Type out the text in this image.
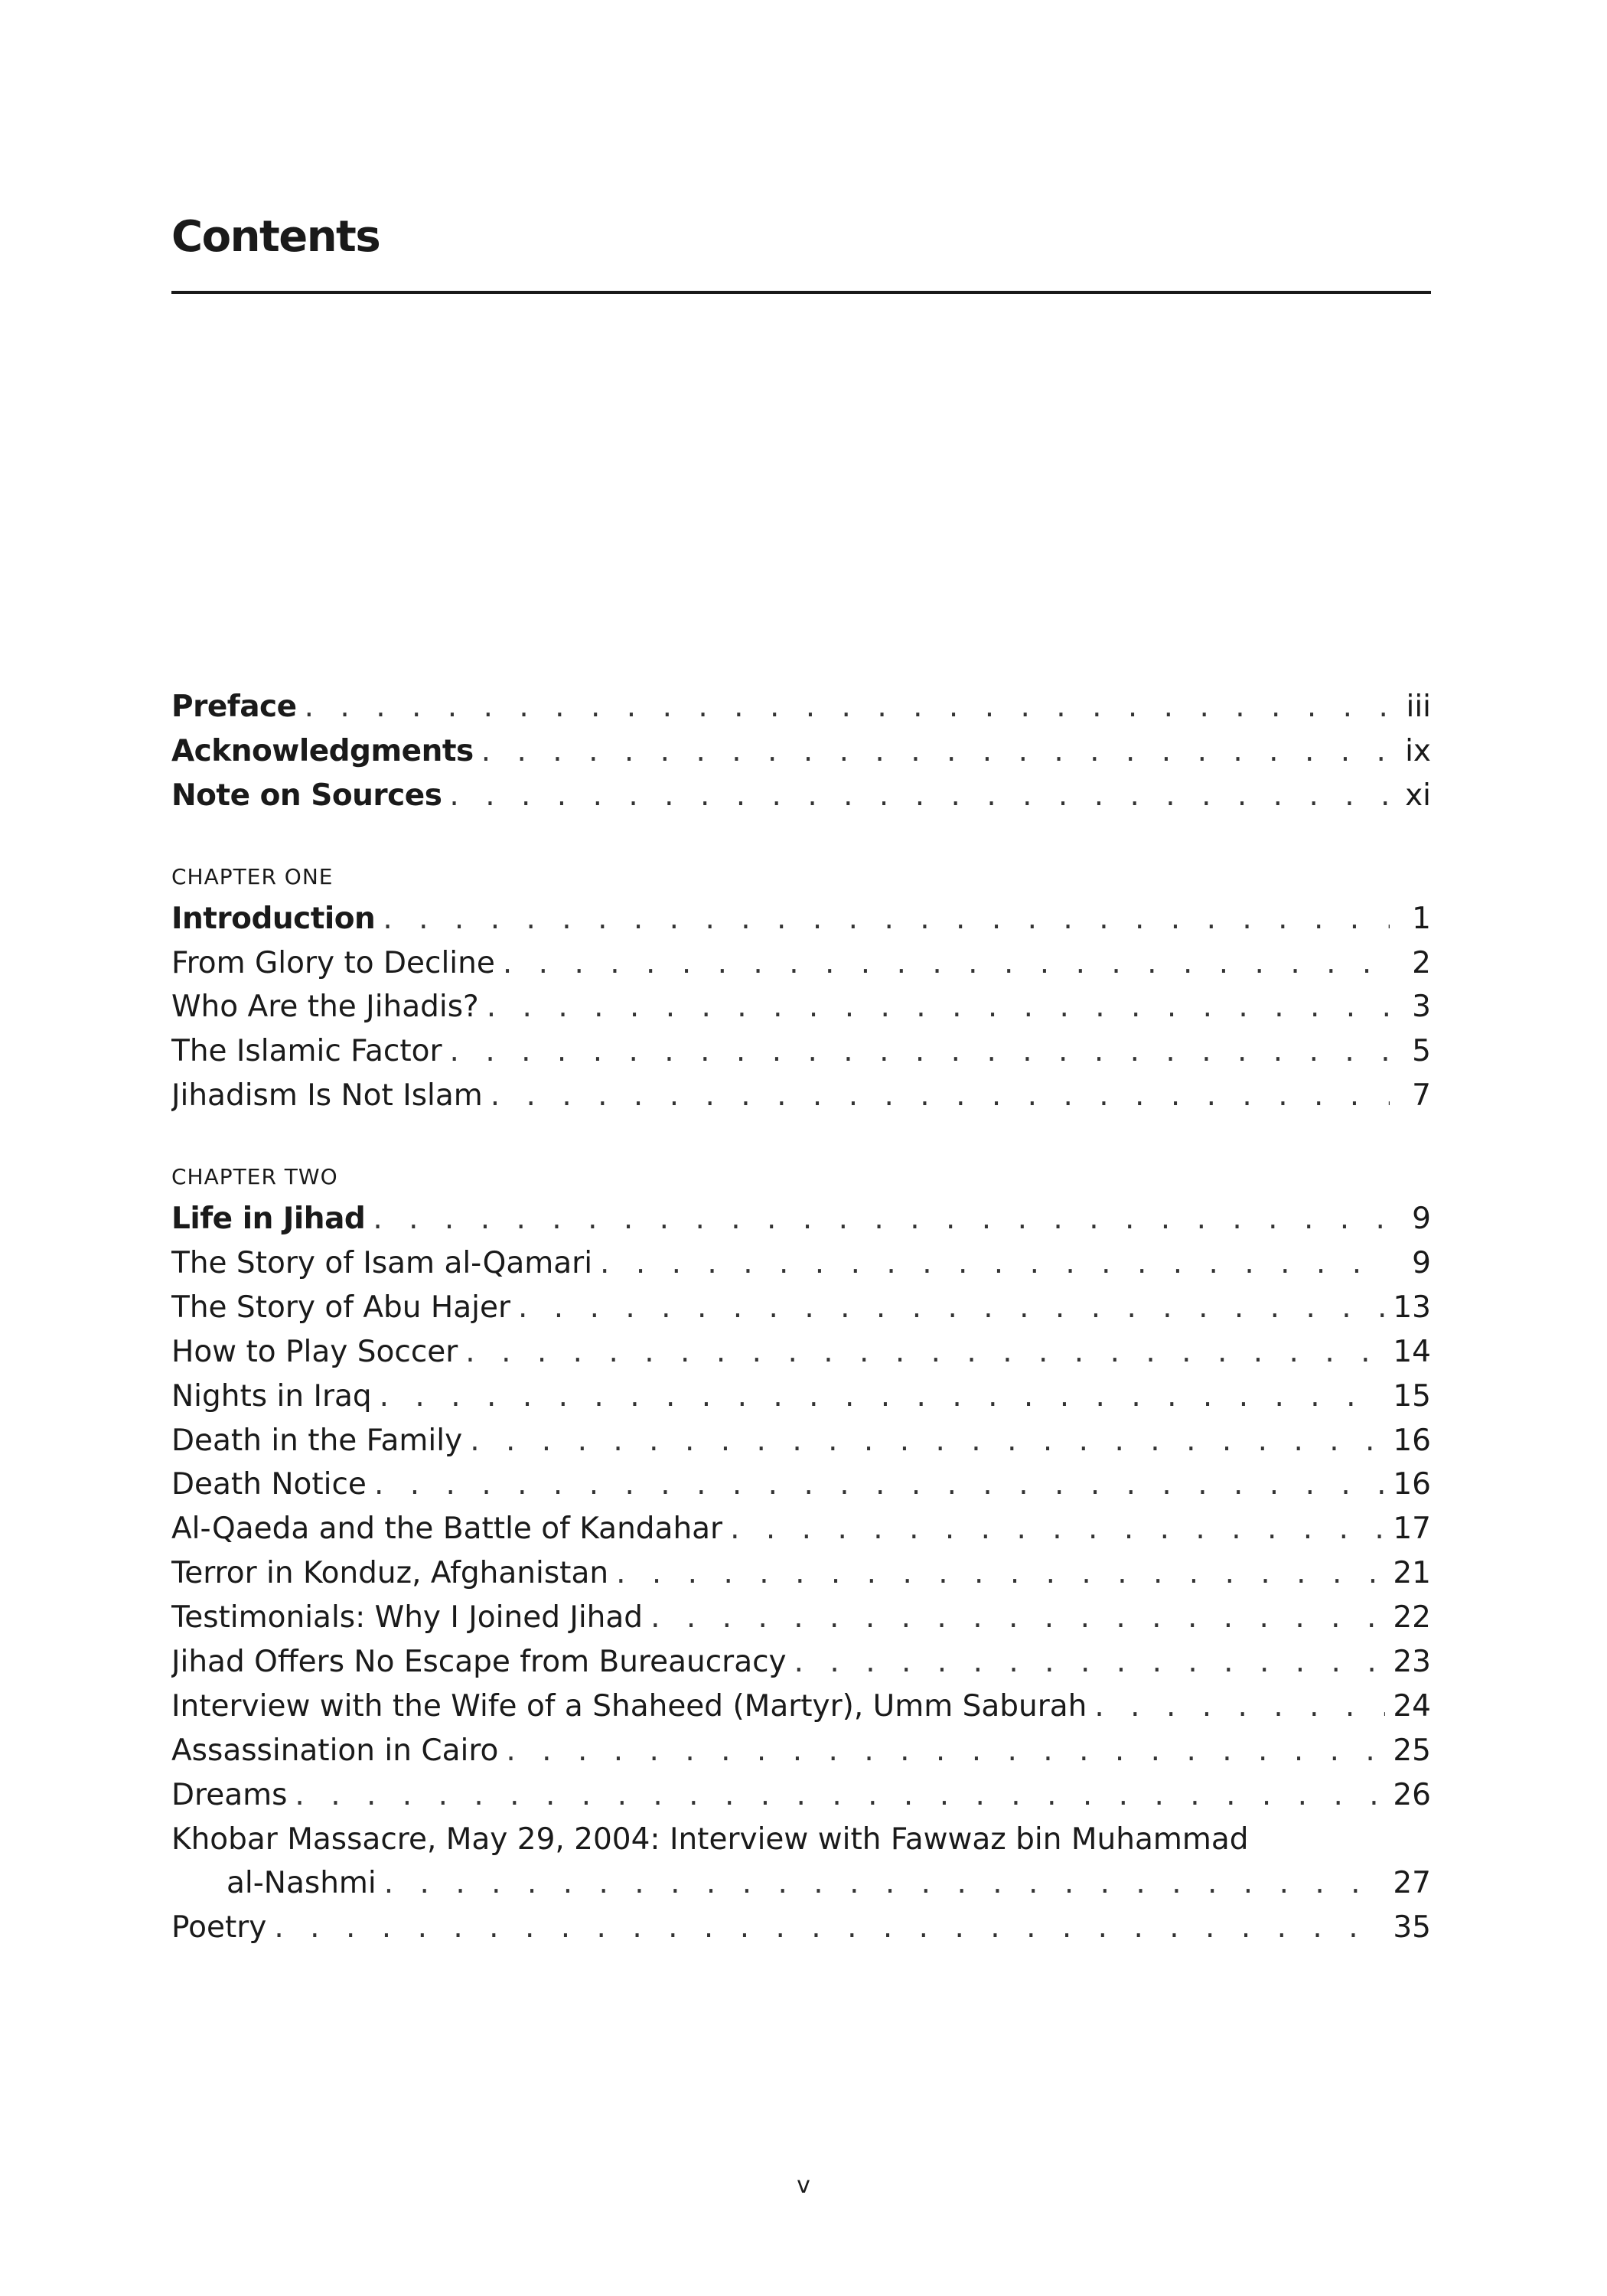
Contents
Preface . . .	iii
Acknowledgments . . .	ix
Note on Sources . . .	xi
CHAPTER ONE
Introduction . . .	1
From Glory to Decline . . .	2
Who Are the Jihadis? . . .	3
The Islamic Factor . . .	5
Jihadism Is Not Islam . . .	7
CHAPTER TWO
Life in Jihad . . .	9
The Story of Isam al-Qamari . . .	9
The Story of Abu Hajer . . .	13
How to Play Soccer . . .	14
Nights in Iraq . . .	15
Death in the Family . . .	16
Death Notice . . .	16
Al-Qaeda and the Battle of Kandahar . . .	17
Terror in Konduz, Afghanistan . . .	21
Testimonials: Why I Joined Jihad . . .	22
Jihad Offers No Escape from Bureaucracy . . .	23
Interview with the Wife of a Shaheed (Martyr), Umm Saburah . . .	24
Assassination in Cairo . . .	25
Dreams . . .	26
Khobar Massacre, May 29, 2004: Interview with Fawwaz bin Muhammad
al-Nashmi . . .	27
Poetry . . .	35
v
